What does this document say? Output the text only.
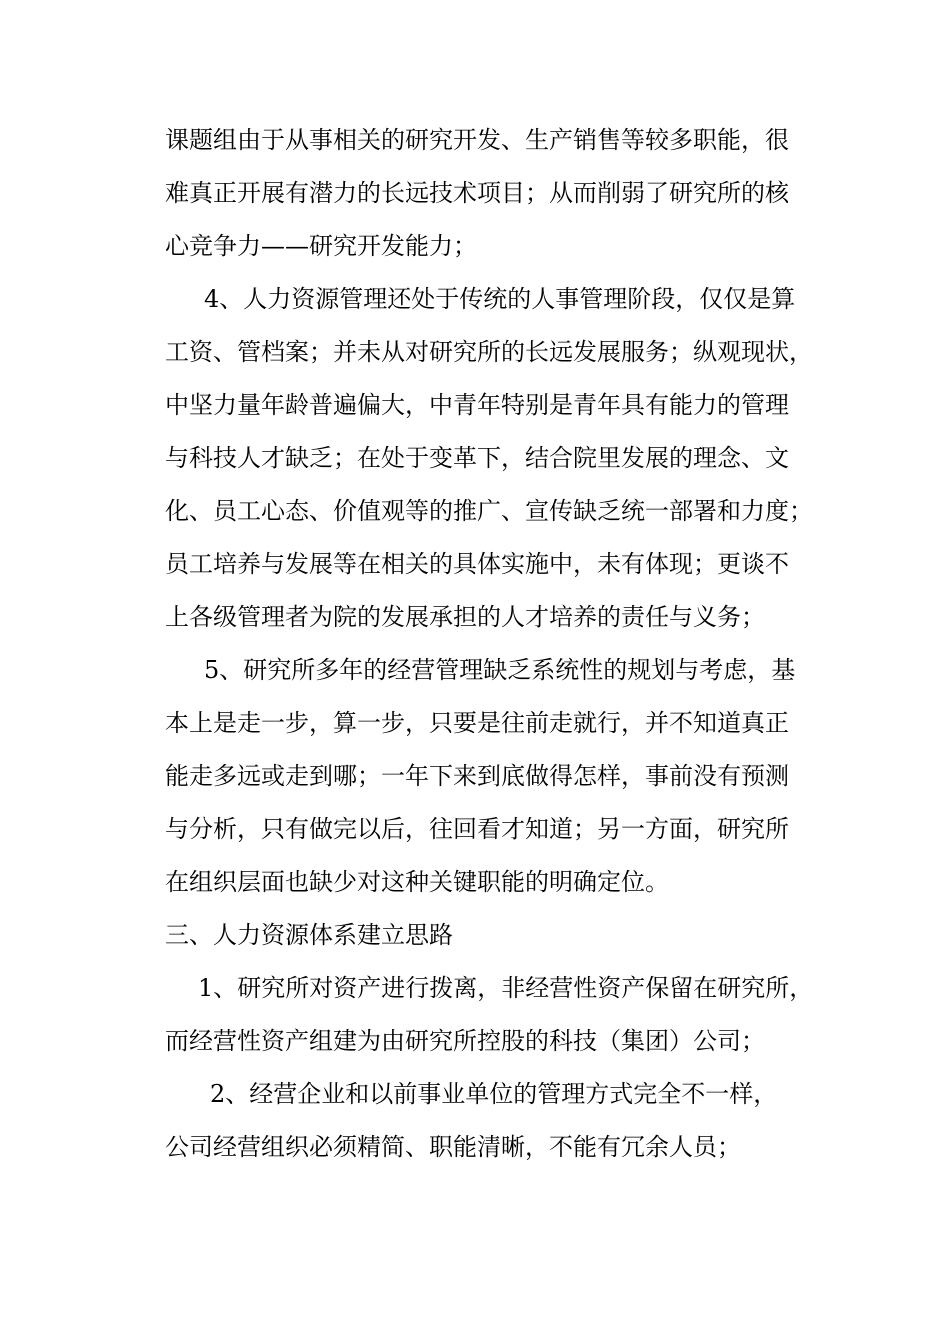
课题组由于从事相关的研究开发、生产销售等较多职能，很
难真正开展有潜力的长远技术项目；从而削弱了研究所的核
心竞争力——研究开发能力；
4、人力资源管理还处于传统的人事管理阶段，仅仅是算
工资、管档案；并未从对研究所的长远发展服务；纵观现状，
中坚力量年龄普遍偏大，中青年特别是青年具有能力的管理
与科技人才缺乏；在处于变革下，结合院里发展的理念、文
化、员工心态、价值观等的推广、宣传缺乏统一部署和力度；
员工培养与发展等在相关的具体实施中，未有体现；更谈不
上各级管理者为院的发展承担的人才培养的责任与义务；
5、研究所多年的经营管理缺乏系统性的规划与考虑，基
本上是走一步，算一步，只要是往前走就行，并不知道真正
能走多远或走到哪；一年下来到底做得怎样，事前没有预测
与分析，只有做完以后，往回看才知道；另一方面，研究所
在组织层面也缺少对这种关键职能的明确定位。
三、人力资源体系建立思路
1、研究所对资产进行拨离，非经营性资产保留在研究所，
而经营性资产组建为由研究所控股的科技（集团）公司；
2、经营企业和以前事业单位的管理方式完全不一样，
公司经营组织必须精简、职能清晰，不能有冗余人员；
